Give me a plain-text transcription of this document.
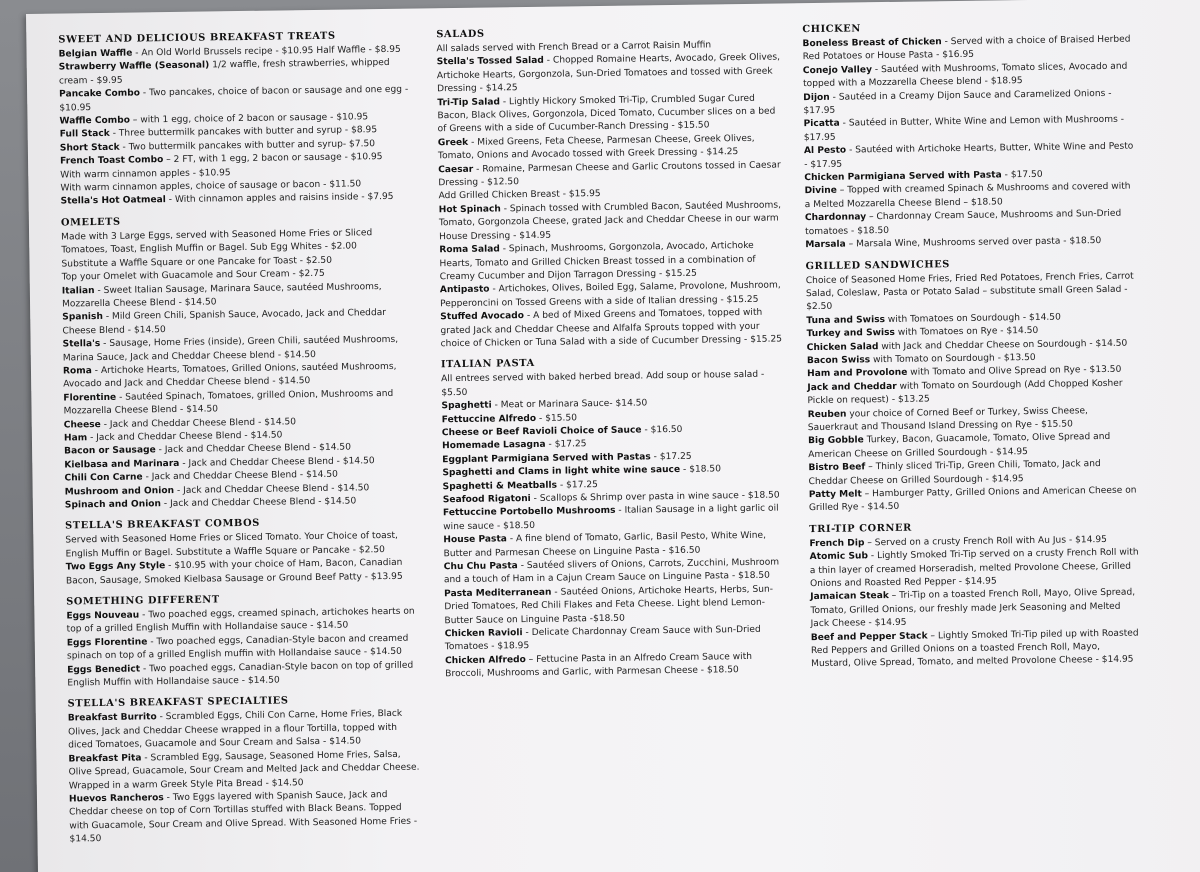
SWEET AND DELICIOUS BREAKFAST TREATS

Belgian Waffle - An Old World Brussels recipe - $10.95 Half Waffle - $8.95

Strawberry Waffle (Seasonal) 1/2 waffle, fresh strawberries, whipped cream - $9.95

Pancake Combo - Two pancakes, choice of bacon or sausage and one egg - $10.95

Waffle Combo – with 1 egg, choice of 2 bacon or sausage - $10.95

Full Stack - Three buttermilk pancakes with butter and syrup - $8.95

Short Stack - Two buttermilk pancakes with butter and syrup- $7.50

French Toast Combo – 2 FT, with 1 egg, 2 bacon or sausage - $10.95

With warm cinnamon apples - $10.95

With warm cinnamon apples, choice of sausage or bacon - $11.50

Stella's Hot Oatmeal - With cinnamon apples and raisins inside - $7.95

OMELETS

Made with 3 Large Eggs, served with Seasoned Home Fries or Sliced Tomatoes, Toast, English Muffin or Bagel. Sub Egg Whites - $2.00

Substitute a Waffle Square or one Pancake for Toast - $2.50

Top your Omelet with Guacamole and Sour Cream - $2.75

Italian - Sweet Italian Sausage, Marinara Sauce, sautéed Mushrooms, Mozzarella Cheese Blend - $14.50

Spanish - Mild Green Chili, Spanish Sauce, Avocado, Jack and Cheddar Cheese Blend - $14.50

Stella's - Sausage, Home Fries (inside), Green Chili, sautéed Mushrooms, Marina Sauce, Jack and Cheddar Cheese blend - $14.50

Roma - Artichoke Hearts, Tomatoes, Grilled Onions, sautéed Mushrooms, Avocado and Jack and Cheddar Cheese blend - $14.50

Florentine - Sautéed Spinach, Tomatoes, grilled Onion, Mushrooms and Mozzarella Cheese Blend - $14.50

Cheese - Jack and Cheddar Cheese Blend - $14.50

Ham - Jack and Cheddar Cheese Blend - $14.50

Bacon or Sausage - Jack and Cheddar Cheese Blend - $14.50

Kielbasa and Marinara - Jack and Cheddar Cheese Blend - $14.50

Chili Con Carne - Jack and Cheddar Cheese Blend - $14.50

Mushroom and Onion - Jack and Cheddar Cheese Blend - $14.50

Spinach and Onion - Jack and Cheddar Cheese Blend - $14.50

STELLA'S BREAKFAST COMBOS

Served with Seasoned Home Fries or Sliced Tomato. Your Choice of toast, English Muffin or Bagel. Substitute a Waffle Square or Pancake - $2.50

Two Eggs Any Style - $10.95 with your choice of Ham, Bacon, Canadian Bacon, Sausage, Smoked Kielbasa Sausage or Ground Beef Patty - $13.95

SOMETHING DIFFERENT

Eggs Nouveau - Two poached eggs, creamed spinach, artichokes hearts on top of a grilled English Muffin with Hollandaise sauce - $14.50

Eggs Florentine - Two poached eggs, Canadian-Style bacon and creamed spinach on top of a grilled English muffin with Hollandaise sauce - $14.50

Eggs Benedict - Two poached eggs, Canadian-Style bacon on top of grilled English Muffin with Hollandaise sauce - $14.50

STELLA'S BREAKFAST SPECIALTIES

Breakfast Burrito - Scrambled Eggs, Chili Con Carne, Home Fries, Black Olives, Jack and Cheddar Cheese wrapped in a flour Tortilla, topped with diced Tomatoes, Guacamole and Sour Cream and Salsa - $14.50

Breakfast Pita - Scrambled Egg, Sausage, Seasoned Home Fries, Salsa, Olive Spread, Guacamole, Sour Cream and Melted Jack and Cheddar Cheese. Wrapped in a warm Greek Style Pita Bread - $14.50

Huevos Rancheros - Two Eggs layered with Spanish Sauce, Jack and Cheddar cheese on top of Corn Tortillas stuffed with Black Beans. Topped with Guacamole, Sour Cream and Olive Spread. With Seasoned Home Fries - $14.50

SALADS

All salads served with French Bread or a Carrot Raisin Muffin

Stella's Tossed Salad - Chopped Romaine Hearts, Avocado, Greek Olives, Artichoke Hearts, Gorgonzola, Sun-Dried Tomatoes and tossed with Greek Dressing - $14.25

Tri-Tip Salad - Lightly Hickory Smoked Tri-Tip, Crumbled Sugar Cured Bacon, Black Olives, Gorgonzola, Diced Tomato, Cucumber slices on a bed of Greens with a side of Cucumber-Ranch Dressing - $15.50

Greek - Mixed Greens, Feta Cheese, Parmesan Cheese, Greek Olives, Tomato, Onions and Avocado tossed with Greek Dressing - $14.25

Caesar - Romaine, Parmesan Cheese and Garlic Croutons tossed in Caesar Dressing - $12.50

Add Grilled Chicken Breast - $15.95

Hot Spinach - Spinach tossed with Crumbled Bacon, Sautéed Mushrooms, Tomato, Gorgonzola Cheese, grated Jack and Cheddar Cheese in our warm House Dressing - $14.95

Roma Salad - Spinach, Mushrooms, Gorgonzola, Avocado, Artichoke Hearts, Tomato and Grilled Chicken Breast tossed in a combination of Creamy Cucumber and Dijon Tarragon Dressing - $15.25

Antipasto - Artichokes, Olives, Boiled Egg, Salame, Provolone, Mushroom, Pepperoncini on Tossed Greens with a side of Italian dressing - $15.25

Stuffed Avocado - A bed of Mixed Greens and Tomatoes, topped with grated Jack and Cheddar Cheese and Alfalfa Sprouts topped with your choice of Chicken or Tuna Salad with a side of Cucumber Dressing - $15.25

ITALIAN PASTA

All entrees served with baked herbed bread. Add soup or house salad - $5.50

Spaghetti - Meat or Marinara Sauce- $14.50

Fettuccine Alfredo - $15.50

Cheese or Beef Ravioli Choice of Sauce - $16.50

Homemade Lasagna - $17.25

Eggplant Parmigiana Served with Pastas - $17.25

Spaghetti and Clams in light white wine sauce - $18.50

Spaghetti & Meatballs - $17.25

Seafood Rigatoni - Scallops & Shrimp over pasta in wine sauce - $18.50

Fettuccine Portobello Mushrooms - Italian Sausage in a light garlic oil wine sauce - $18.50

House Pasta - A fine blend of Tomato, Garlic, Basil Pesto, White Wine, Butter and Parmesan Cheese on Linguine Pasta - $16.50

Chu Chu Pasta - Sautéed slivers of Onions, Carrots, Zucchini, Mushroom and a touch of Ham in a Cajun Cream Sauce on Linguine Pasta - $18.50

Pasta Mediterranean - Sautéed Onions, Artichoke Hearts, Herbs, Sun-Dried Tomatoes, Red Chili Flakes and Feta Cheese. Light blend Lemon-Butter Sauce on Linguine Pasta -$18.50

Chicken Ravioli - Delicate Chardonnay Cream Sauce with Sun-Dried Tomatoes - $18.95

Chicken Alfredo – Fettucine Pasta in an Alfredo Cream Sauce with Broccoli, Mushrooms and Garlic, with Parmesan Cheese - $18.50

CHICKEN

Boneless Breast of Chicken - Served with a choice of Braised Herbed Red Potatoes or House Pasta - $16.95

Conejo Valley - Sautéed with Mushrooms, Tomato slices, Avocado and topped with a Mozzarella Cheese blend - $18.95

Dijon - Sautéed in a Creamy Dijon Sauce and Caramelized Onions - $17.95

Picatta - Sautéed in Butter, White Wine and Lemon with Mushrooms - $17.95

Al Pesto - Sautéed with Artichoke Hearts, Butter, White Wine and Pesto - $17.95

Chicken Parmigiana Served with Pasta - $17.50

Divine – Topped with creamed Spinach & Mushrooms and covered with a Melted Mozzarella Cheese Blend – $18.50

Chardonnay – Chardonnay Cream Sauce, Mushrooms and Sun-Dried tomatoes - $18.50

Marsala – Marsala Wine, Mushrooms served over pasta - $18.50

GRILLED SANDWICHES

Choice of Seasoned Home Fries, Fried Red Potatoes, French Fries, Carrot Salad, Coleslaw, Pasta or Potato Salad – substitute small Green Salad - $2.50

Tuna and Swiss with Tomatoes on Sourdough - $14.50

Turkey and Swiss with Tomatoes on Rye - $14.50

Chicken Salad with Jack and Cheddar Cheese on Sourdough - $14.50

Bacon Swiss with Tomato on Sourdough - $13.50

Ham and Provolone with Tomato and Olive Spread on Rye - $13.50

Jack and Cheddar with Tomato on Sourdough (Add Chopped Kosher Pickle on request) - $13.25

Reuben your choice of Corned Beef or Turkey, Swiss Cheese, Sauerkraut and Thousand Island Dressing on Rye - $15.50

Big Gobble Turkey, Bacon, Guacamole, Tomato, Olive Spread and American Cheese on Grilled Sourdough - $14.95

Bistro Beef – Thinly sliced Tri-Tip, Green Chili, Tomato, Jack and Cheddar Cheese on Grilled Sourdough - $14.95

Patty Melt – Hamburger Patty, Grilled Onions and American Cheese on Grilled Rye - $14.50

TRI-TIP CORNER

French Dip – Served on a crusty French Roll with Au Jus - $14.95

Atomic Sub - Lightly Smoked Tri-Tip served on a crusty French Roll with a thin layer of creamed Horseradish, melted Provolone Cheese, Grilled Onions and Roasted Red Pepper - $14.95

Jamaican Steak – Tri-Tip on a toasted French Roll, Mayo, Olive Spread, Tomato, Grilled Onions, our freshly made Jerk Seasoning and Melted Jack Cheese - $14.95

Beef and Pepper Stack – Lightly Smoked Tri-Tip piled up with Roasted Red Peppers and Grilled Onions on a toasted French Roll, Mayo, Mustard, Olive Spread, Tomato, and melted Provolone Cheese - $14.95
